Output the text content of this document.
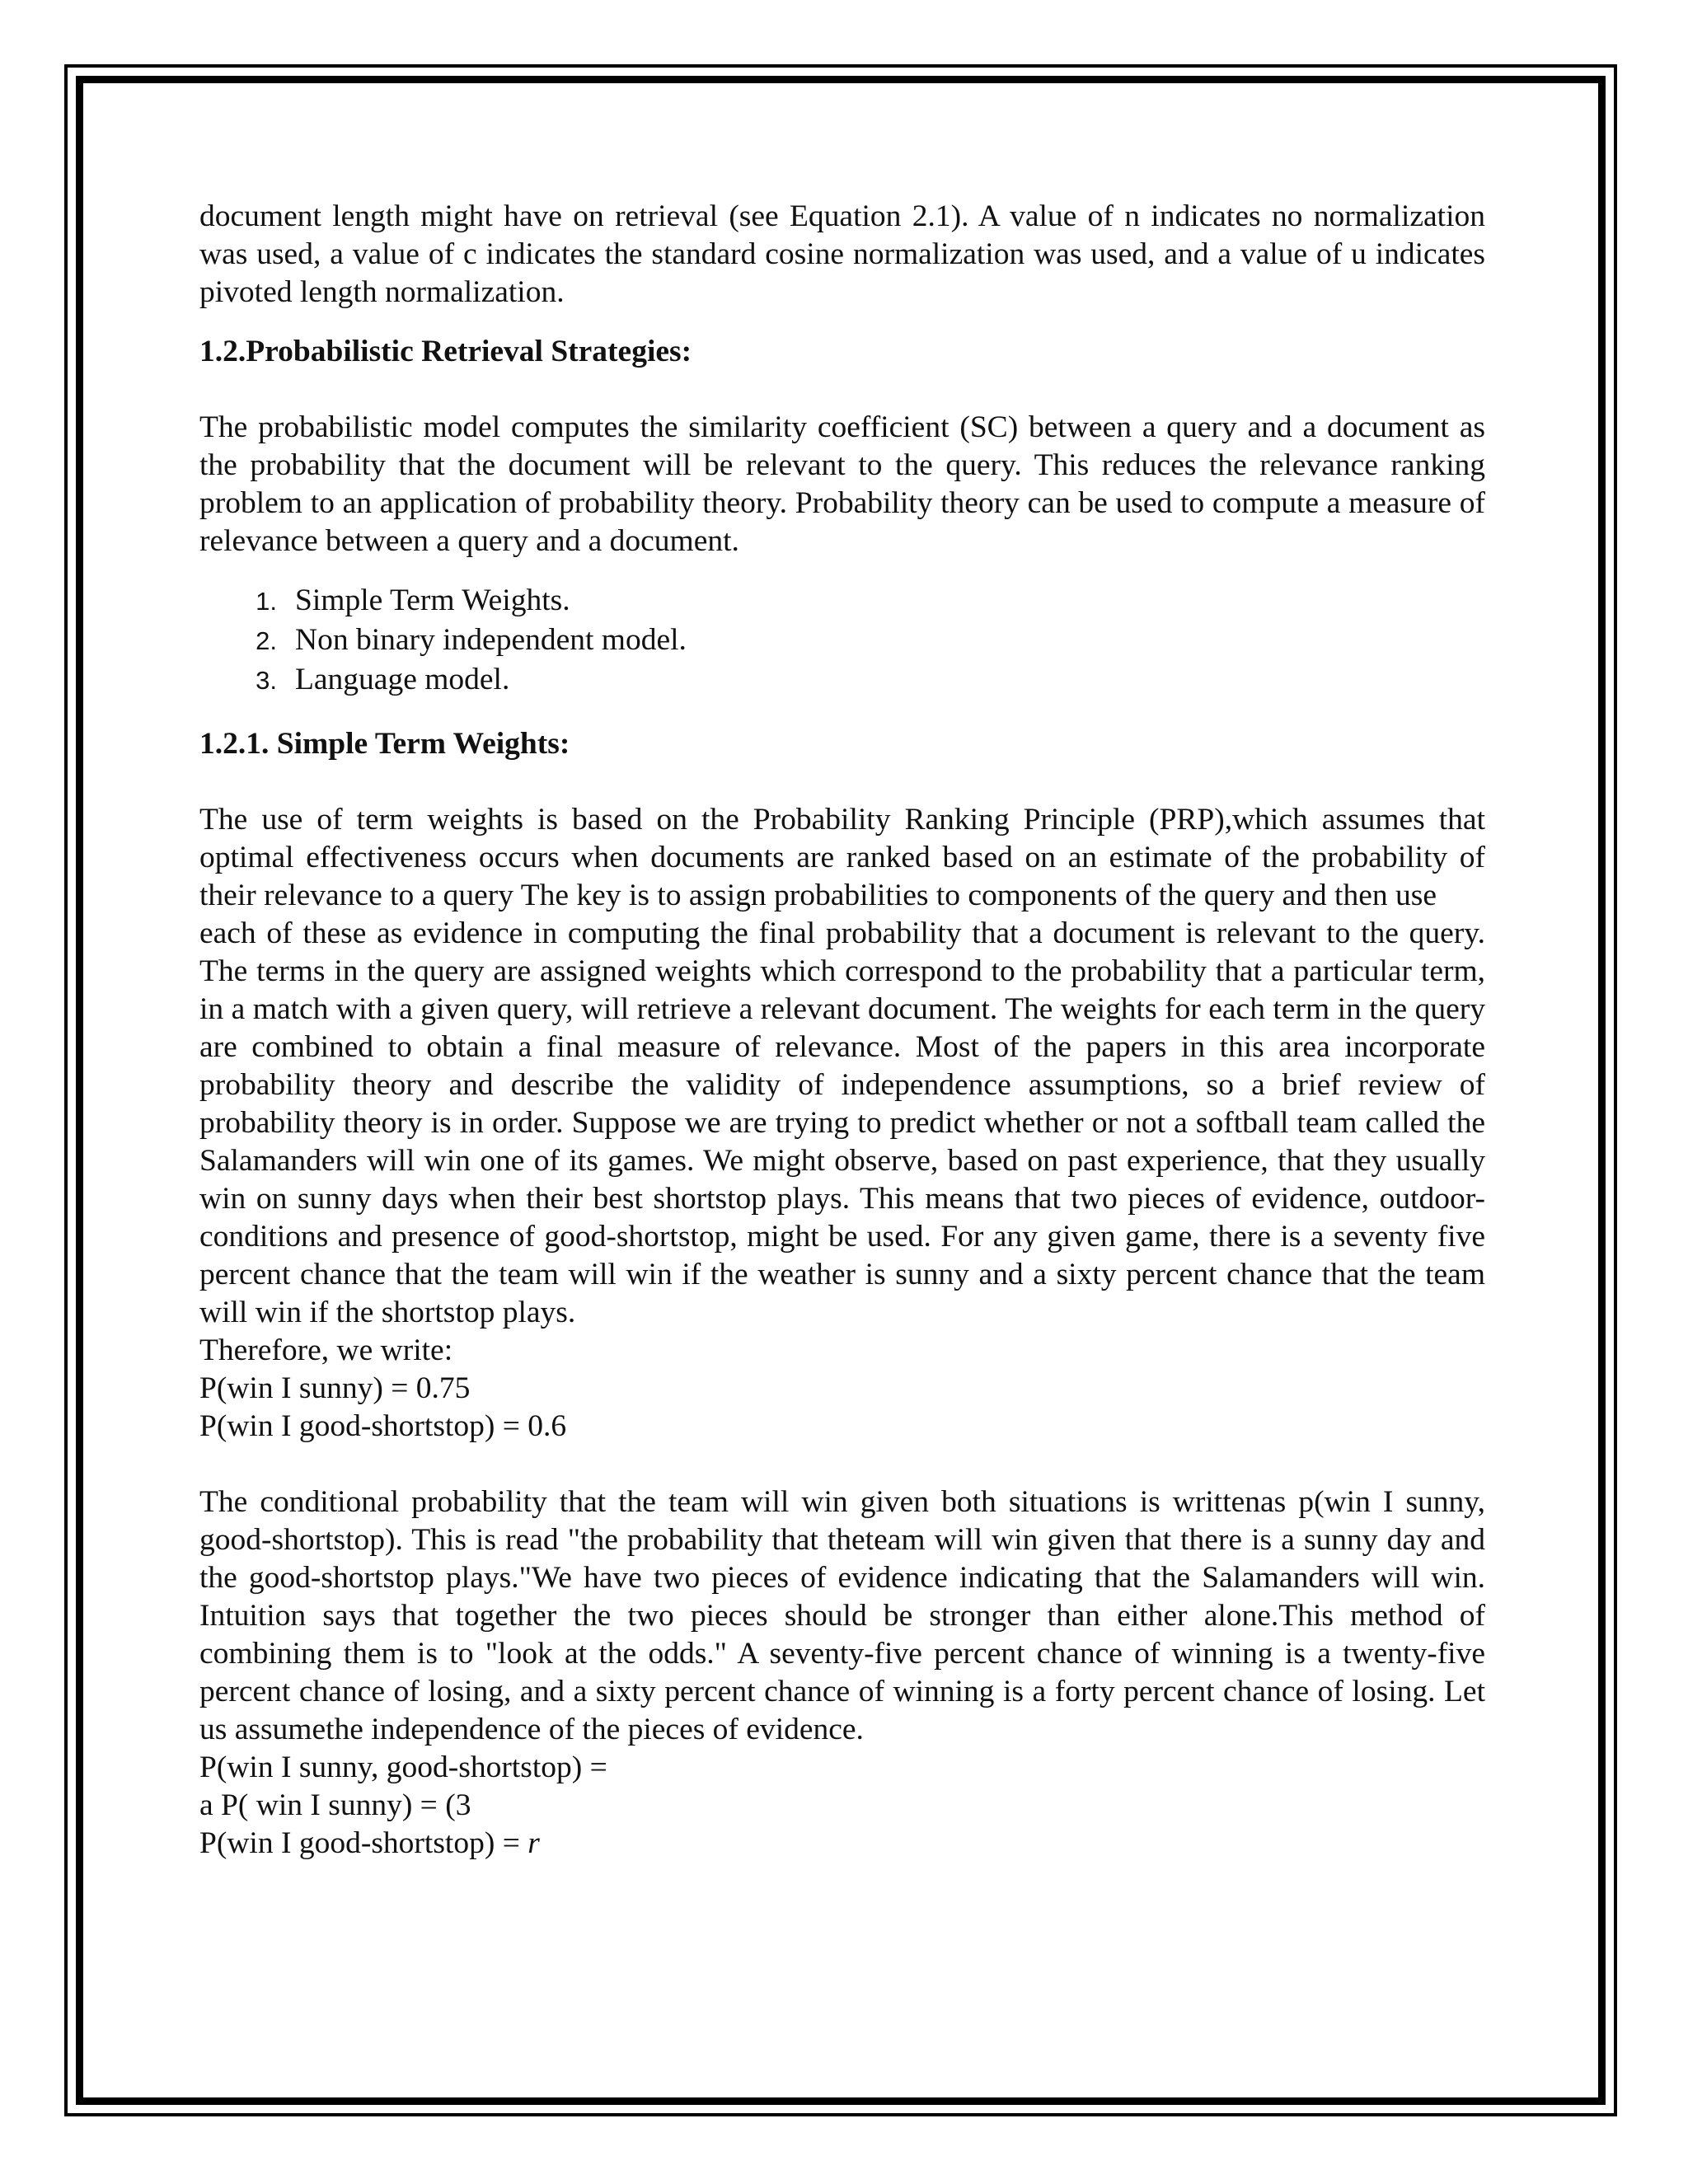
document length might have on retrieval (see Equation 2.1). A value of n indicates no normalization was used, a value of c indicates the standard cosine normalization was used, and a value of u indicates pivoted length normalization.

1.2.Probabilistic Retrieval Strategies:

The probabilistic model computes the similarity coefficient (SC) between a query and a document as the probability that the document will be relevant to the query. This reduces the relevance ranking problem to an application of probability theory. Probability theory can be used to compute a measure of relevance between a query and a document.

1. Simple Term Weights.
2. Non binary independent model.
3. Language model.
1.2.1. Simple Term Weights:

The use of term weights is based on the Probability Ranking Principle (PRP),which assumes that optimal effectiveness occurs when documents are ranked based on an estimate of the probability of their relevance to a query The key is to assign probabilities to components of the query and then use

each of these as evidence in computing the final probability that a document is relevant to the query. The terms in the query are assigned weights which correspond to the probability that a particular term, in a match with a given query, will retrieve a relevant document. The weights for each term in the query are combined to obtain a final measure of relevance. Most of the papers in this area incorporate probability theory and describe the validity of independence assumptions, so a brief review of probability theory is in order. Suppose we are trying to predict whether or not a softball team called the Salamanders will win one of its games. We might observe, based on past experience, that they usually win on sunny days when their best shortstop plays. This means that two pieces of evidence, outdoor-conditions and presence of good-shortstop, might be used. For any given game, there is a seventy five percent chance that the team will win if the weather is sunny and a sixty percent chance that the team will win if the shortstop plays.

Therefore, we write:
P(win I sunny) = 0.75
P(win I good-shortstop) = 0.6

The conditional probability that the team will win given both situations is writtenas p(win I sunny, good-shortstop). This is read "the probability that theteam will win given that there is a sunny day and the good-shortstop plays."We have two pieces of evidence indicating that the Salamanders will win. Intuition says that together the two pieces should be stronger than either alone.This method of combining them is to "look at the odds." A seventy-five percent chance of winning is a twenty-five percent chance of losing, and a sixty percent chance of winning is a forty percent chance of losing. Let us assumethe independence of the pieces of evidence.

P(win I sunny, good-shortstop) =
a P( win I sunny) = (3
P(win I good-shortstop) = r
